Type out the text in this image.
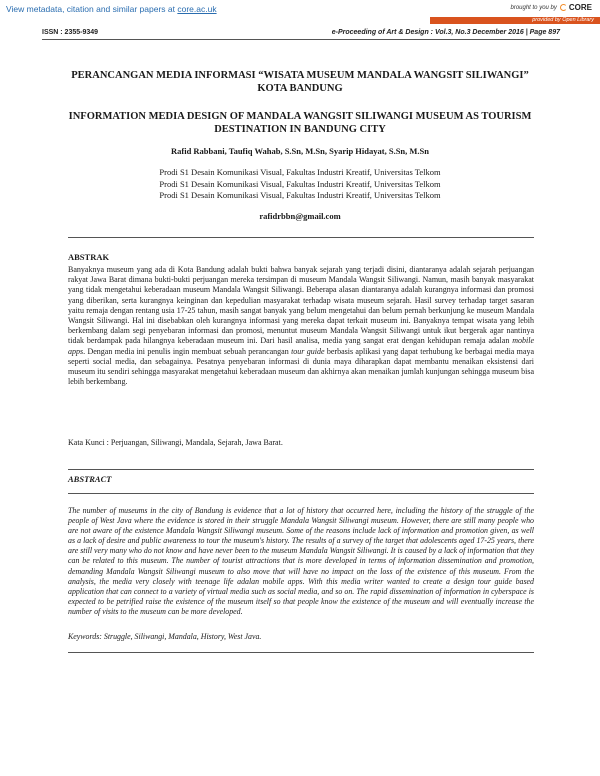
View metadata, citation and similar papers at core.ac.uk	brought to you by CORE
provided by Open Library
ISSN : 2355-9349	e-Proceeding of Art & Design : Vol.3, No.3 December 2016 | Page 897
PERANCANGAN MEDIA INFORMASI “WISATA MUSEUM MANDALA WANGSIT SILIWANGI” KOTA BANDUNG
INFORMATION MEDIA DESIGN OF MANDALA WANGSIT SILIWANGI MUSEUM AS TOURISM DESTINATION IN BANDUNG CITY

Rafid Rabbani, Taufiq Wahab, S.Sn, M.Sn, Syarip Hidayat, S.Sn, M.Sn

Prodi S1 Desain Komunikasi Visual, Fakultas Industri Kreatif, Universitas Telkom
Prodi S1 Desain Komunikasi Visual, Fakultas Industri Kreatif, Universitas Telkom
Prodi S1 Desain Komunikasi Visual, Fakultas Industri Kreatif, Universitas Telkom

rafidrbbn@gmail.com

ABSTRAK

Banyaknya museum yang ada di Kota Bandung adalah bukti bahwa banyak sejarah yang terjadi disini, diantaranya adalah sejarah perjuangan rakyat Jawa Barat dimana bukti-bukti perjuangan mereka tersimpan di museum Mandala Wangsit Siliwangi. Namun, masih banyak masyarakat yang tidak mengetahui keberadaan museum Mandala Wangsit Siliwangi. Beberapa alasan diantaranya adalah kurangnya informasi dan promosi yang diberikan, serta kurangnya keinginan dan kepedulian masyarakat terhadap wisata museum sejarah. Hasil survey terhadap target sasaran yaitu remaja dengan rentang usia 17-25 tahun, masih sangat banyak yang belum mengetahui dan belum pernah berkunjung ke museum Mandala Wangsit Siliwangi. Hal ini disebabkan oleh kurangnya informasi yang mereka dapat terkait museum ini. Banyaknya tempat wisata yang lebih berkembang dalam segi penyebaran informasi dan promosi, menuntut museum Mandala Wangsit Siliwangi untuk ikut bergerak agar nantinya tidak berdampak pada hilangnya keberadaan museum ini. Dari hasil analisa, media yang sangat erat dengan kehidupan remaja adalan mobile apps. Dengan media ini penulis ingin membuat sebuah perancangan tour guide berbasis aplikasi yang dapat terhubung ke berbagai media maya seperti social media, dan sebagainya. Pesatnya penyebaran informasi di dunia maya diharapkan dapat membantu menaikan eksistensi dari museum itu sendiri sehingga masyarakat mengetahui keberadaan museum dan akhirnya akan menaikan jumlah kunjungan sehingga museum bisa lebih berkembang.

Kata Kunci : Perjuangan, Siliwangi, Mandala, Sejarah, Jawa Barat.

ABSTRACT

The number of museums in the city of Bandung is evidence that a lot of history that occurred here, including the history of the struggle of the people of West Java where the evidence is stored in their struggle Mandala Wangsit Siliwangi museum. However, there are still many people who are not aware of the existence Mandala Wangsit Siliwangi museum. Some of the reasons include lack of information and promotion given, as well as a lack of desire and public awareness to tour the museum's history. The results of a survey of the target that adolescents aged 17-25 years, there are still very many who do not know and have never been to the museum Mandala Wangsit Siliwangi. It is caused by a lack of information that they can be related to this museum. The number of tourist attractions that is more developed in terms of information dissemination and promotion, demanding Mandala Wangsit Siliwangi museum to also move that will have no impact on the loss of the existence of this museum. From the analysis, the media very closely with teenage life adalan mobile apps. With this media writer wanted to create a design tour guide based application that can connect to a variety of virtual media such as social media, and so on. The rapid dissemination of information in cyberspace is expected to be petrified raise the existence of the museum itself so that people know the existence of the museum and will eventually increase the number of visits to the museum can be more developed.

Keywords: Struggle, Siliwangi, Mandala, History, West Java.
